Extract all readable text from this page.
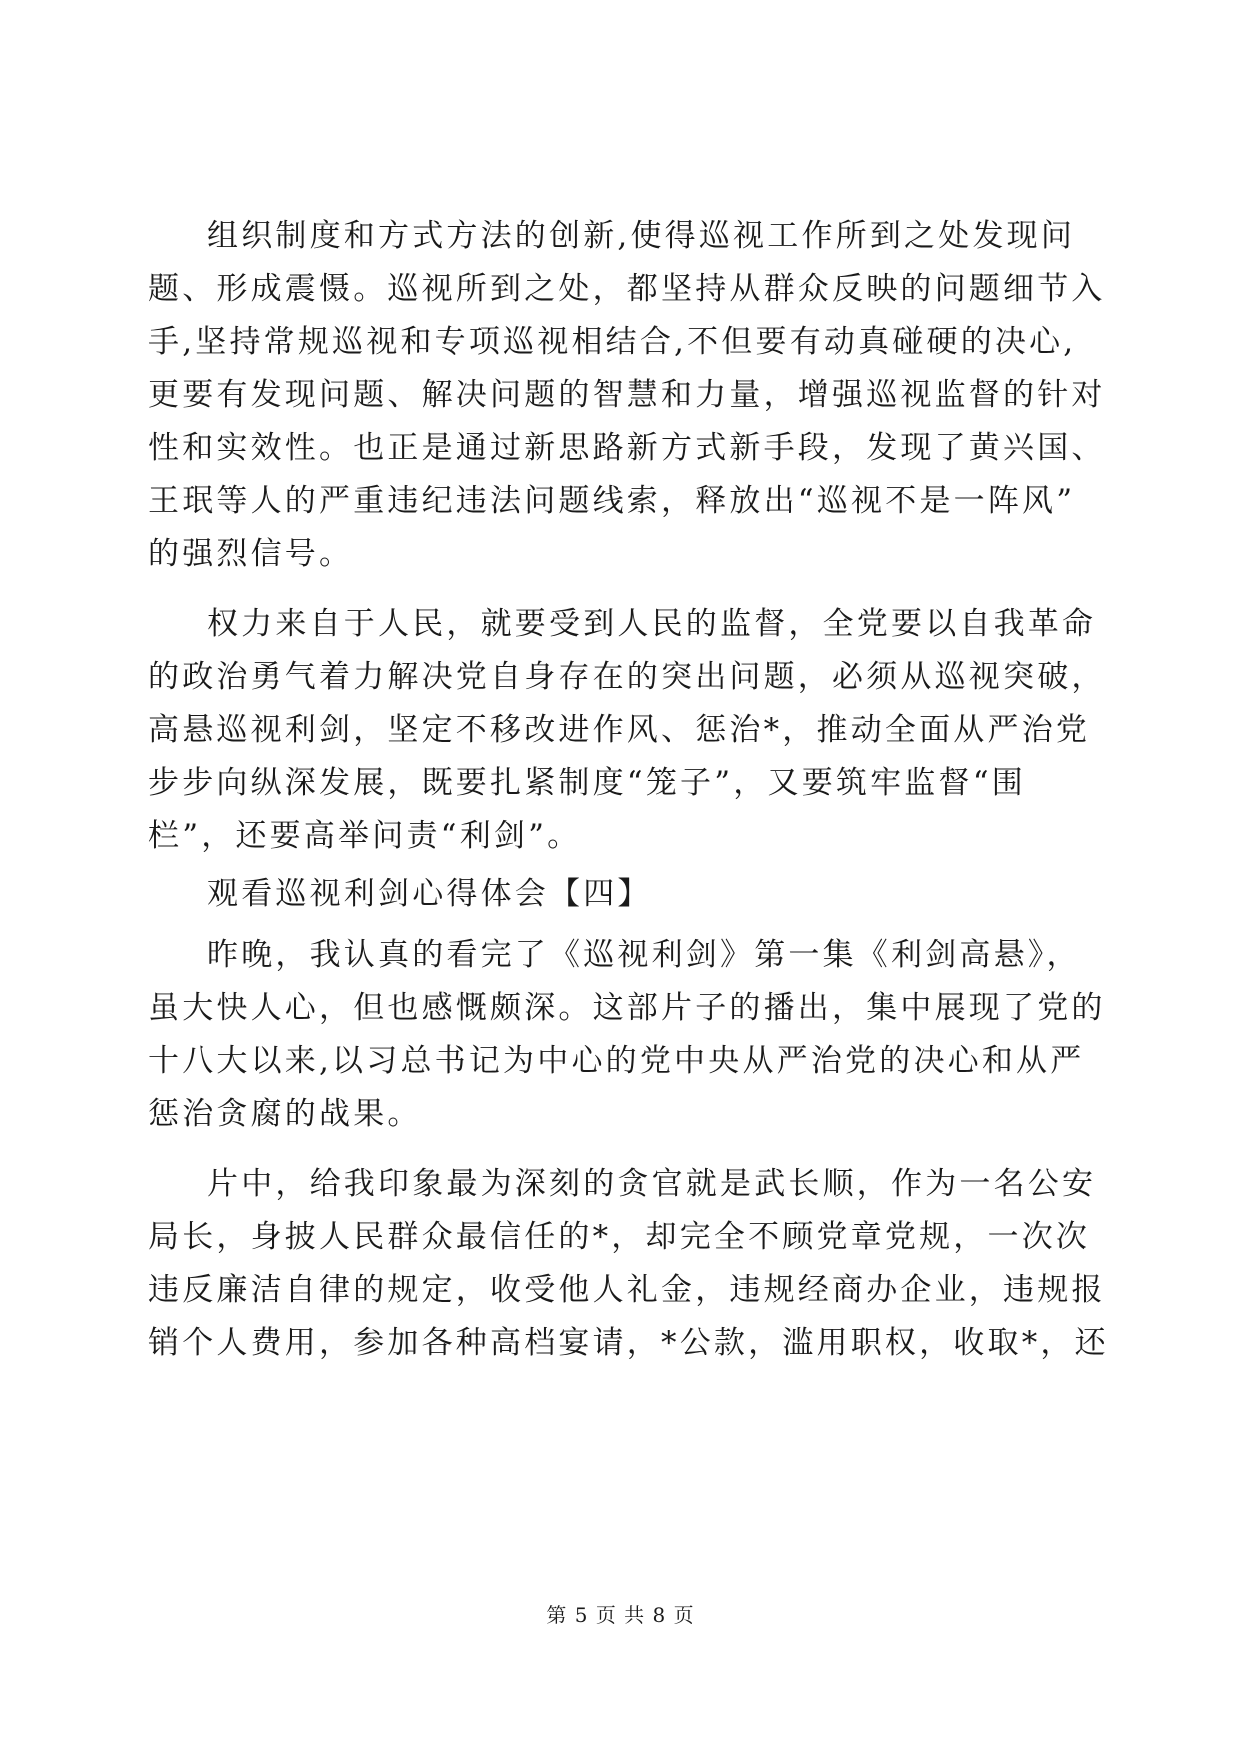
组织制度和方式方法的创新,使得巡视工作所到之处发现问
题、形成震慑。巡视所到之处，都坚持从群众反映的问题细节入
手,坚持常规巡视和专项巡视相结合,不但要有动真碰硬的决心,
更要有发现问题、解决问题的智慧和力量，增强巡视监督的针对
性和实效性。也正是通过新思路新方式新手段，发现了黄兴国、
王珉等人的严重违纪违法问题线索，释放出“巡视不是一阵风”
的强烈信号。
权力来自于人民，就要受到人民的监督，全党要以自我革命
的政治勇气着力解决党自身存在的突出问题，必须从巡视突破，
高悬巡视利剑，坚定不移改进作风、惩治*，推动全面从严治党
步步向纵深发展，既要扎紧制度“笼子”，又要筑牢监督“围
栏”，还要高举问责“利剑”。
观看巡视利剑心得体会【四】
昨晚，我认真的看完了《巡视利剑》第一集《利剑高悬》，
虽大快人心，但也感慨颇深。这部片子的播出，集中展现了党的
十八大以来,以习总书记为中心的党中央从严治党的决心和从严
惩治贪腐的战果。
片中，给我印象最为深刻的贪官就是武长顺，作为一名公安
局长，身披人民群众最信任的*，却完全不顾党章党规，一次次
违反廉洁自律的规定，收受他人礼金，违规经商办企业，违规报
销个人费用，参加各种高档宴请，*公款，滥用职权，收取*，还
第 5 页 共 8 页
